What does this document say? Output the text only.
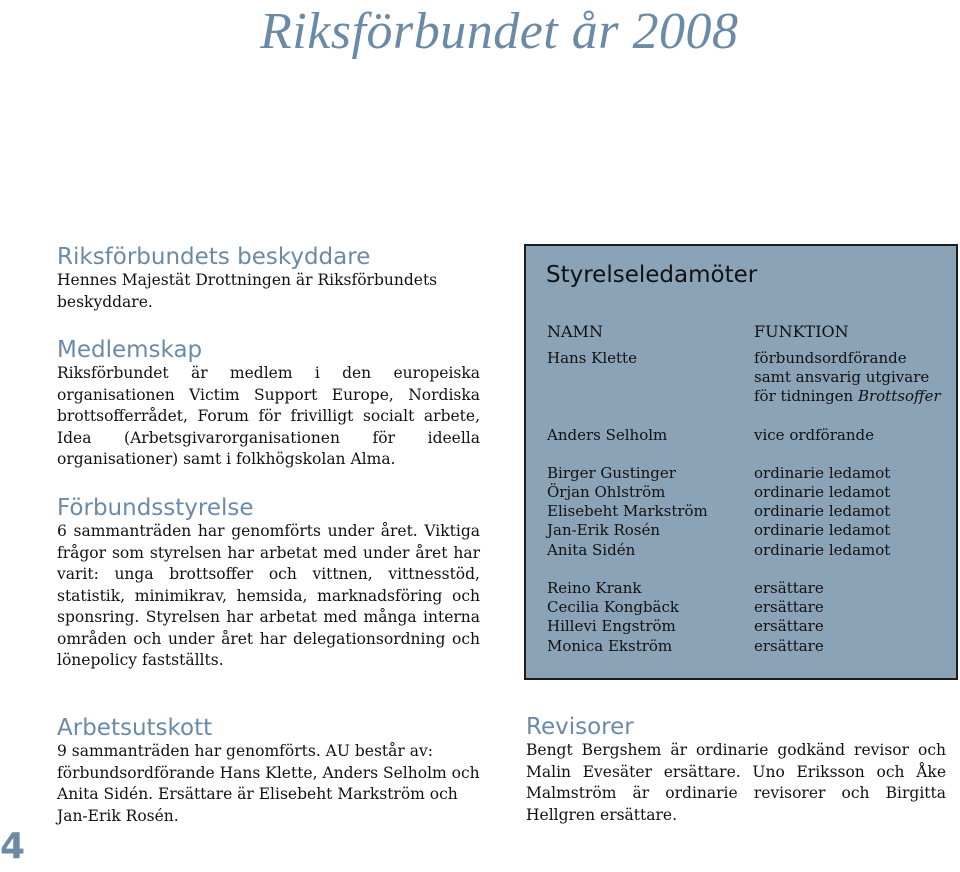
Riksförbundet år 2008
Riksförbundets beskyddare

Hennes Majestät Drottningen är Riksförbundets beskyddare.

Medlemskap

Riksförbundet är medlem i den europeiska organisationen Victim Support Europe, Nordiska brottsofferrådet, Forum för frivilligt socialt arbete, Idea (Arbetsgivarorganisationen för ideella organisationer) samt i folkhögskolan Alma.

Förbundsstyrelse

6 sammanträden har genomförts under året. Viktiga frågor som styrelsen har arbetat med under året har varit: unga brottsoffer och vittnen, vittnesstöd, statistik, minimikrav, hemsida, marknadsföring och sponsring. Styrelsen har arbetat med många interna områden och under året har delegationsordning och lönepolicy fastställts.

Arbetsutskott

9 sammanträden har genomförts. AU består av: förbundsordförande Hans Klette, Anders Selholm och Anita Sidén. Ersättare är Elisebeht Markström och Jan-Erik Rosén.

Styrelseledamöter

NAMN	FUNKTION

Hans Klette

Anders Selholm

Birger Gustinger

Örjan Ohlström

Elisebeht Markström

Jan-Erik Rosén

Anita Sidén

Reino Krank

Cecilia Kongbäck

Hillevi Engström

Monica Ekström

förbundsordförande

samt ansvarig utgivare

för tidningen Brottsoffer

vice ordförande

ordinarie ledamot

ordinarie ledamot

ordinarie ledamot

ordinarie ledamot

ordinarie ledamot

ersättare

ersättare

ersättare

ersättare

Revisorer

Bengt Bergshem är ordinarie godkänd revisor och Malin Evesäter ersättare. Uno Eriksson och Åke Malmström är ordinarie revisorer och Birgitta Hellgren ersättare.

4
